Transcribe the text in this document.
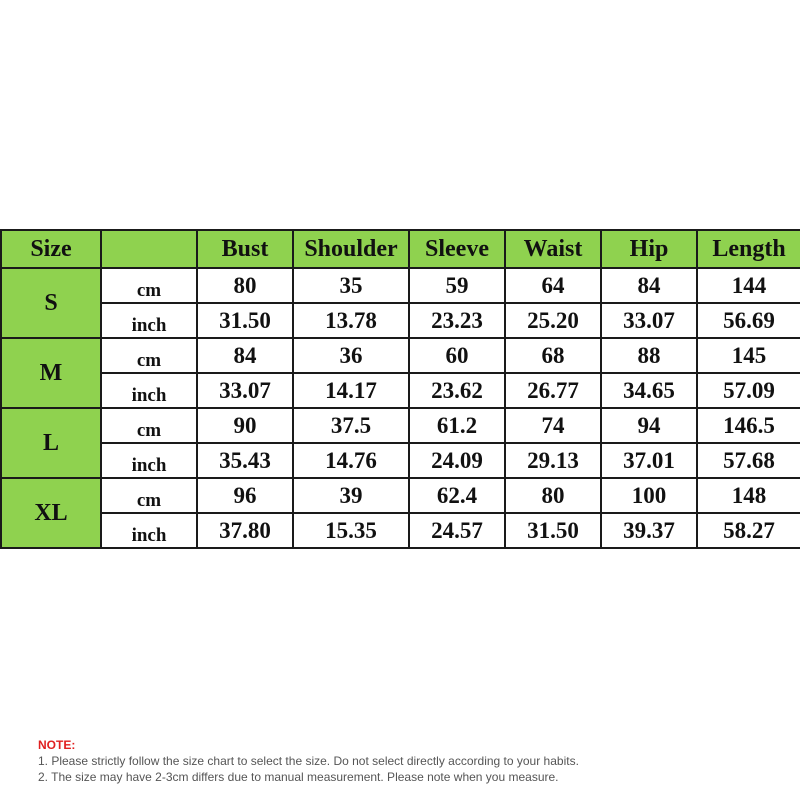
Size		Bust	Shoulder	Sleeve	Waist	Hip	Length
S	cm	80	35	59	64	84	144
	inch	31.50	13.78	23.23	25.20	33.07	56.69
M	cm	84	36	60	68	88	145
	inch	33.07	14.17	23.62	26.77	34.65	57.09
L	cm	90	37.5	61.2	74	94	146.5
	inch	35.43	14.76	24.09	29.13	37.01	57.68
XL	cm	96	39	62.4	80	100	148
	inch	37.80	15.35	24.57	31.50	39.37	58.27
NOTE:
1. Please strictly follow the size chart to select the size. Do not select directly according to your habits.
2. The size may have 2-3cm differs due to manual measurement. Please note when you measure.
